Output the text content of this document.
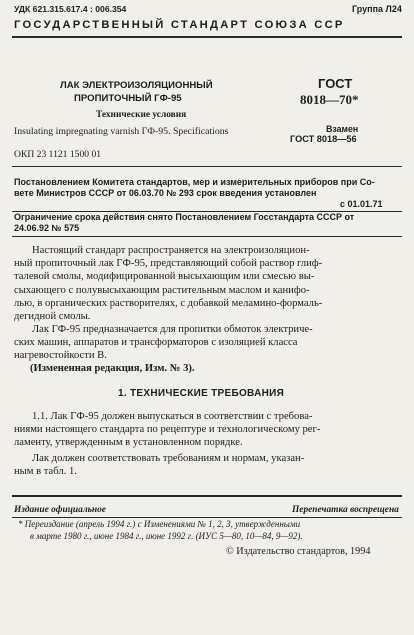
УДК 621.315.617.4 : 006.354	Группа Л24
ГОСУДАРСТВЕННЫЙ СТАНДАРТ СОЮЗА ССР
ЛАК ЭЛЕКТРОИЗОЛЯЦИОННЫЙ
ПРОПИТОЧНЫЙ ГФ-95
Технические условия
Insulating impregnating varnish ГФ-95. Specifications
ОКП 23 1121 1500 01
ГОСТ
8018—70*
Взамен
ГОСТ 8018—56
Постановлением Комитета стандартов, мер и измерительных приборов при Со-
вете Министров СССР от 06.03.70 № 293 срок введения установлен
с 01.01.71
Ограничение срока действия снято Постановлением Госстандарта СССР от
24.06.92 № 575
Настоящий стандарт распространяется на электроизоляцион-
ный пропиточный лак ГФ-95, представляющий собой раствор глиф-
талевой смолы, модифицированной высыхающим или смесью вы-
сыхающего с полувысыхающим растительным маслом и канифо-
лью, в органических растворителях, с добавкой меламино-формаль-
дегидной смолы.
Лак ГФ-95 предназначается для пропитки обмоток электриче-
ских машин, аппаратов и трансформаторов с изоляцией класса
нагревостойкости В.
(Измененная редакция, Изм. № 3).
1. ТЕХНИЧЕСКИЕ ТРЕБОВАНИЯ
1.1. Лак ГФ-95 должен выпускаться в соответствии с требова-
ниями настоящего стандарта по рецептуре и технологическому рег-
ламенту, утвержденным в установленном порядке.
Лак должен соответствовать требованиям и нормам, указан-
ным в табл. 1.
Издание официальное	Перепечатка воспрещена
* Переиздание (апрель 1994 г.) с Изменениями № 1, 2, 3, утвержденными
в марте 1980 г., июне 1984 г., июне 1992 г. (ИУС 5—80, 10—84, 9—92).
© Издательство стандартов, 1994
